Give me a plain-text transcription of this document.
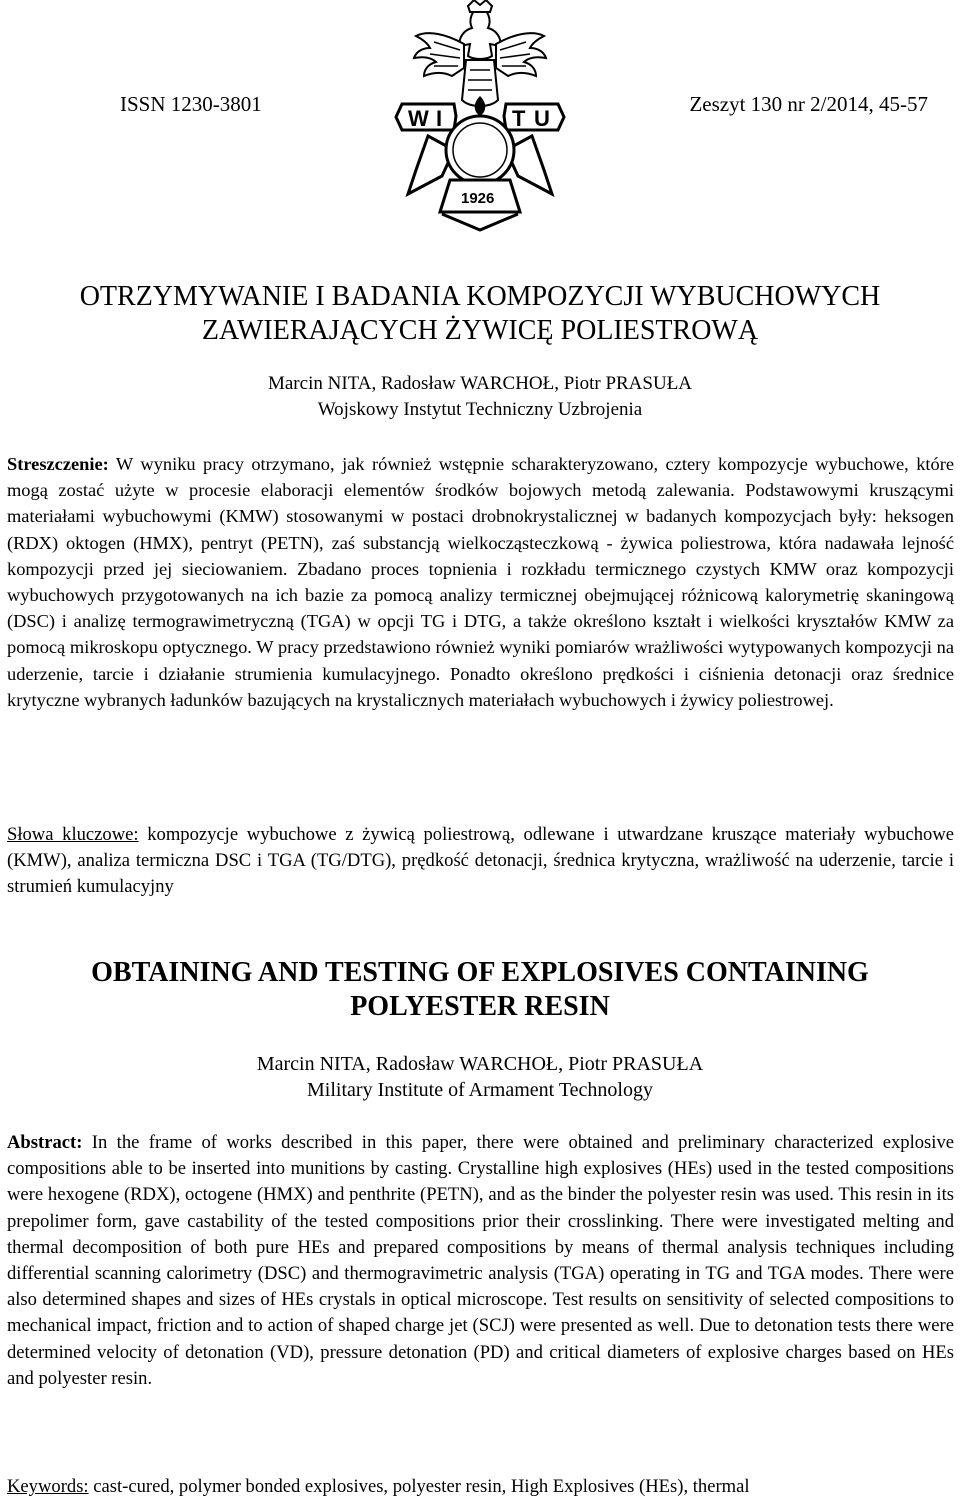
ISSN 1230-3801	Zeszyt 130 nr 2/2014, 45-57
W I	T U
1926
OTRZYMYWANIE I BADANIA KOMPOZYCJI WYBUCHOWYCH
ZAWIERAJĄCYCH ŻYWICĘ POLIESTROWĄ
Marcin NITA, Radosław WARCHOŁ, Piotr PRASUŁA
Wojskowy Instytut Techniczny Uzbrojenia

Streszczenie: W wyniku pracy otrzymano, jak również wstępnie scharakteryzowano, cztery kompozycje wybuchowe, które mogą zostać użyte w procesie elaboracji elementów środków bojowych metodą zalewania. Podstawowymi kruszącymi materiałami wybuchowymi (KMW) stosowanymi w postaci drobnokrystalicznej w badanych kompozycjach były: heksogen (RDX) oktogen (HMX), pentryt (PETN), zaś substancją wielkocząsteczkową - żywica poliestrowa, która nadawała lejność kompozycji przed jej sieciowaniem. Zbadano proces topnienia i rozkładu termicznego czystych KMW oraz kompozycji wybuchowych przygotowanych na ich bazie za pomocą analizy termicznej obejmującej różnicową kalorymetrię skaningową (DSC) i analizę termograwimetryczną (TGA) w opcji TG i DTG, a także określono kształt i wielkości kryształów KMW za pomocą mikroskopu optycznego. W pracy przedstawiono również wyniki pomiarów wrażliwości wytypowanych kompozycji na uderzenie, tarcie i działanie strumienia kumulacyjnego. Ponadto określono prędkości i ciśnienia detonacji oraz średnice krytyczne wybranych ładunków bazujących na krystalicznych materiałach wybuchowych i żywicy poliestrowej.

Słowa kluczowe: kompozycje wybuchowe z żywicą poliestrową, odlewane i utwardzane kruszące materiały wybuchowe (KMW), analiza termiczna DSC i TGA (TG/DTG), prędkość detonacji, średnica krytyczna, wrażliwość na uderzenie, tarcie i strumień kumulacyjny

OBTAINING AND TESTING OF EXPLOSIVES CONTAINING
POLYESTER RESIN
Marcin NITA, Radosław WARCHOŁ, Piotr PRASUŁA
Military Institute of Armament Technology

Abstract: In the frame of works described in this paper, there were obtained and preliminary characterized explosive compositions able to be inserted into munitions by casting. Crystalline high explosives (HEs) used in the tested compositions were hexogene (RDX), octogene (HMX) and penthrite (PETN), and as the binder the polyester resin was used. This resin in its prepolimer form, gave castability of the tested compositions prior their crosslinking. There were investigated melting and thermal decomposition of both pure HEs and prepared compositions by means of thermal analysis techniques including differential scanning calorimetry (DSC) and thermogravimetric analysis (TGA) operating in TG and TGA modes. There were also determined shapes and sizes of HEs crystals in optical microscope. Test results on sensitivity of selected compositions to mechanical impact, friction and to action of shaped charge jet (SCJ) were presented as well. Due to detonation tests there were determined velocity of detonation (VD), pressure detonation (PD) and critical diameters of explosive charges based on HEs and polyester resin.

Keywords: cast-cured, polymer bonded explosives, polyester resin, High Explosives (HEs), thermal
